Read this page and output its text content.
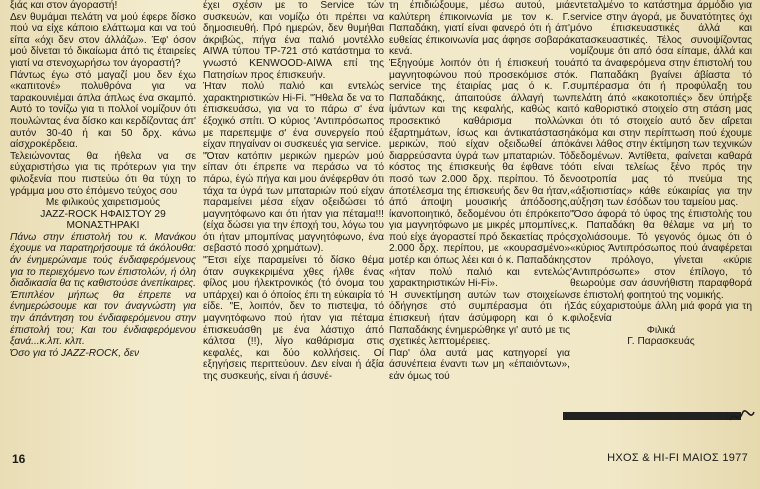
ξιάς και στον άγοραστή!

Δεν θυμάμαι πελάτη να μού έφερε δίσκο πού να είχε κάποιο ελάττωμα και να τού είπα «όχι δεν στον άλλάζω». Έφ' όσον μού δίνεται τό δικαίωμα άπό τις έταιρείες γιατί να στενοχωρήσω τον άγοραστή?

Πάντως έγω στό μαγαζί μου δεν έχω «καπιτονέ» πολυθρόνα για να ταρακουνιέμαι άπλα άπλως ένα σκαμπό. Αυτό το τονίζω για τι πολλοί νομίζουν ότι πουλώντας ένα δίσκο και κερδίζοντας άπ' αυτόν 30-40 ή και 50 δρχ. κάνω αίσχροκέρδεια.

Τελειώνοντας θα ήθελα να σε εύχαριστήσω για τις πρότερων για την φιλοξενία που πιστεύω ότι θα τύχη το γράμμα μου στο έπόμενο τεύχος σου

Με φιλικούς χαιρετισμούς

JAZZ-ROCK ΗΦΑΙΣΤΟΥ 29

ΜΟΝΑΣΤΗΡΑΚΙ

Πάνω στην έπιστολή του κ. Μανάκου έχουμε να παρατηρήσουμε τά άκόλουθα: άν ένημερώναμε τούς ένδιαφερόμενους για το περιεχόμενο των έπιστολών, ή όλη διαδικασία θα τις καθιστούσε άνεπίκαιρες. Έπιπλέον μήπως θα έπρεπε να ένημερώσουμε και τον άναγνώστη για την άπάντηση του ένδιαφερόμενου στην έπιστολή του; Και του ένδιαφερόμενου ξανά...κ.λπ. κλπ.

Όσο για τό JAZZ-ROCK, δεν

έχει σχέσιν με το Service τών συσκευών, και νομίζω ότι πρέπει να δημοσιευθή. Πρό ημερών, δεν θυμήθαι άκριβώς, πήγα ένα παλιό μοντέλλο AIWA τύπου TP-721 στό κατάστημα το γνωστό KENWOOD-AIWA επί της Πατησίων προς έπισκευήν.

Ήταν πολύ παλιό και εντελώς χαρακτηριστικών Hi-Fi. "Ήθελα δε να το έπισκευάσω, για να το πάρω σ' ένα έξοχικό σπίτι. Ό κύριος 'Αντιπρόσωπος με παρεπεμψε σ' ένα συνεργείο πού είχαν πηγαίναν οι συσκευές για service.

"Όταν κατόπιν μερικών ημερών μού είπαν ότι έπρεπε να περάσω να τό πάρω, έγώ πήγα και μου άνέφερθαν ότι τάχα τα ύγρά των μπαταριών πού είχαν παραμείνει μέσα είχαν οξειδώσει τό μαγνητόφωνο και ότι ήταν για πέταμα!!! (είχα δώσει για την έποχή του, λόγω του ότι ήταν μπομπίνας μαγνητόφωνο, ένα σεβαστό ποσό χρημάτων).

"Έτσι είχε παραμείνει τό δίσκο θέμα όταν συγκεκριμένα χθες ήλθε ένας φίλος μου ήλεκτρονικός (τό όνομα του υπάρχει) και ό όποίος έπι τη εύκαιρία τό είδε. "Ε, λοιπόν, δεν το πιστεψα, τό μαγνητόφωνο πού ήταν για πέταμα έπισκευάσθη με ένα λάστιχο άπό κάλτσα (!!), λίγο καθάρισμα στις κεφαλές, και δύο κολλήσεις. Οί εξηγήσεις περιττεύουν. Δεν είναι ή άξία της συσκευής, είναι ή άσυνέ-

τη έπιδιώξουμε, μέσω αυτού, μιά καλύτερη έπικοινωνία με τον κ. Γ. Παπαδάκη, γιατί είναι φανερό ότι ή άπ' ευθείας έπικοινωνία μας άφησε σοβαρά κενά.

Έξηγούμε λοιπόν ότι ή έπισκευή του μαγνητοφώνου πού προσεκόμισε στό service της έταιρίας μας ό κ. Γ. Παπαδάκης, άπαιτούσε άλλαγή των ίμάντων και της κεφαλής, καθώς και προσεκτικό καθάρισμα πολλών έξαρτημάτων, ίσως και άντικατάσταση μερικών, πού είχαν οξειδωθεί άπό διαρρεύσαντα ύγρά των μπαταριών. Τό κόστος της έπισκευής θα έφθανε τό ποσό των 2.000 δρχ. περίπου. Τό δε άποτέλεσμα της έπισκευής δεν θα ήταν, άπό άποψη μουσικής άπόδοσης, ίκανοποιητικό, δεδομένου ότι έπρόκειτο για μαγνητόφωνο με μικρές μπομπίνες, πού είχε άγοραστεί πρό δεκαετίας πρός 2.000 δρχ. περίπου, με «κουρασμένο» μοτέρ και όπως λέει και ό κ. Παπαδάκης «ήταν πολύ παλιό και εντελώς χαρακτηριστικών Hi-Fi».

Ή συνεκτίμηση αυτών των στοιχείων όδήγησε στό συμπέρασμα ότι ή έπισκευή ήταν άσύμφορη και ό κ. Παπαδάκης ένημερώθηκε γι' αυτό με τις σχετικές λεπτομέρειες.

Παρ' όλα αυτά μας κατηγορεί για άσυνέπεια έναντι των μη «έπαιόντων», εάν όμως τού

εντεταλμένο το κατάστημα άρμόδιο για service στην άγορά, με δυνατότητες όχι μόνο έπισκευαστικές άλλά και κατασκευαστικές. Τέλος συνοψίζοντας νομίζουμε ότι από όσα είπαμε, άλλά και άπό τα άναφερόμενα στην έπιστολή του κ. Παπαδάκη βγαίνει άβίαστα τό συμπέρασμα ότι ή προφύλαξη του πελάτη άπό «κακοτοπιές» δεν ύπήρξε τό καθοριστικό στοιχείο στη στάση μας και ότι τό στοιχείο αυτό δεν αΐρεται άκόμα και στην περίπτωση πού έχουμε κάνει λάθος στην έκτίμηση των τεχνικών δεδομένων. Άντίθετα, φαίνεται καθαρά ότι είναι τελείως ξένο πρός την νοοτροπία μας τό πνεύμα της «άξιοπιστίας» κάθε εύκαιρίας για την αύξηση των έσόδων του ταμείου μας.

"Όσο άφορά τό ύφος της έπιστολής του κ. Παπαδάκη θα θέλαμε να μή το σχολιάσουμε. Τό γεγονός όμως ότι ό «κύριος Άντιπρόσωπος πού άναφέρεται στον πρόλογο, γίνεται «κύριε 'Αντιπρόσωπε» στον έπίλογο, τό θεωρούμε σαν άσυνήθιστη παραφθορά σε έπιστολή φοιτητού της νομικής.

Σάς εύχαριστούμε άλλη μιά φορά για τη φιλοξενία

Φιλικά

Γ. Παρασκευάς

16	ΗΧΟΣ & HI-FI ΜΑΙΟΣ 1977
